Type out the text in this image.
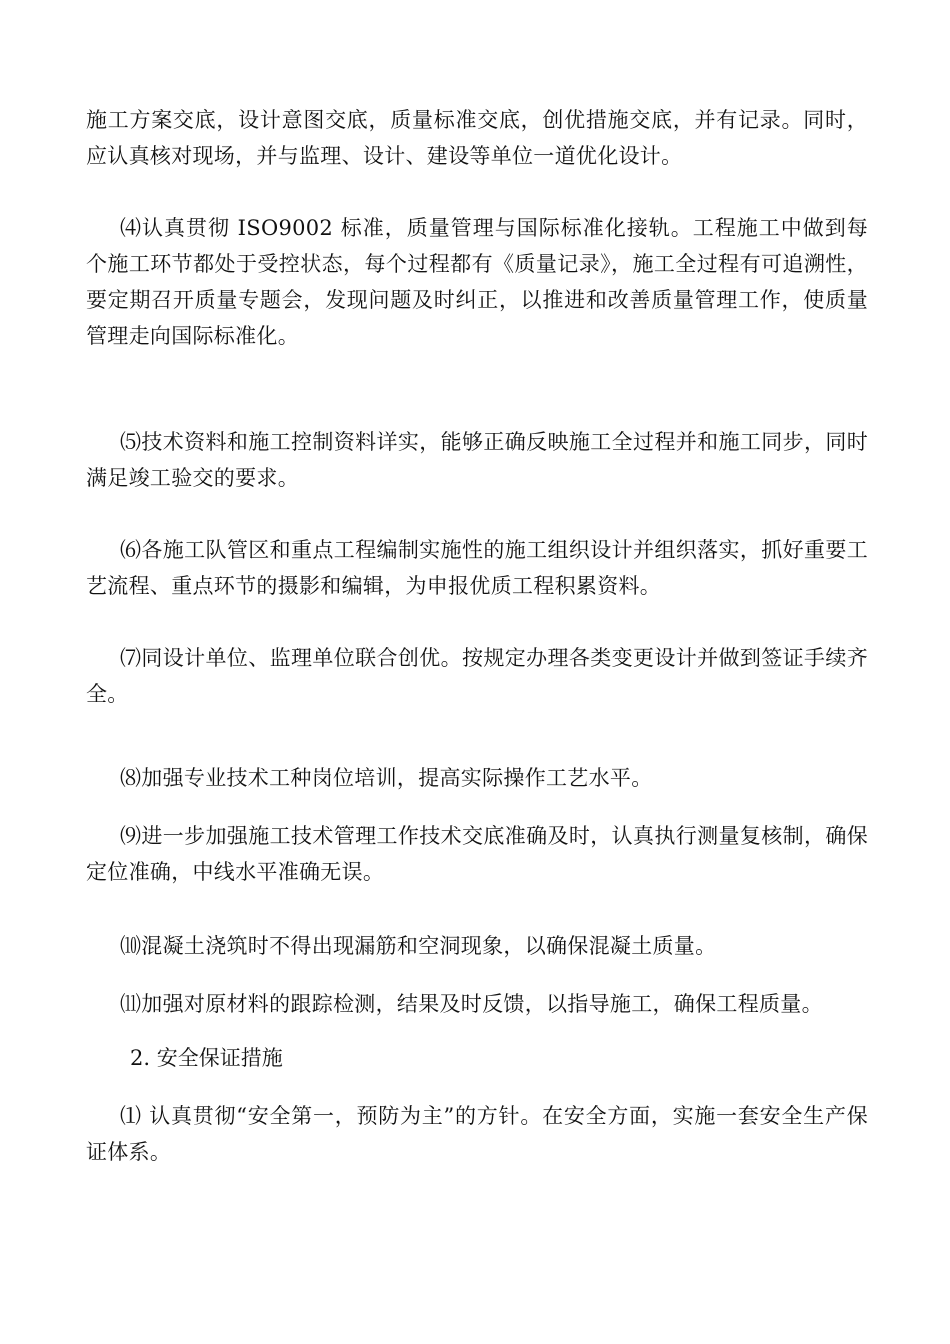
施工方案交底，设计意图交底，质量标准交底，创优措施交底，并有记录。同时，应认真核对现场，并与监理、设计、建设等单位一道优化设计。

⑷认真贯彻 ISO9002 标准，质量管理与国际标准化接轨。工程施工中做到每个施工环节都处于受控状态，每个过程都有《质量记录》，施工全过程有可追溯性，要定期召开质量专题会，发现问题及时纠正，以推进和改善质量管理工作，使质量管理走向国际标准化。

⑸技术资料和施工控制资料详实，能够正确反映施工全过程并和施工同步，同时满足竣工验交的要求。

⑹各施工队管区和重点工程编制实施性的施工组织设计并组织落实，抓好重要工艺流程、重点环节的摄影和编辑，为申报优质工程积累资料。

⑺同设计单位、监理单位联合创优。按规定办理各类变更设计并做到签证手续齐全。

⑻加强专业技术工种岗位培训，提高实际操作工艺水平。

⑼进一步加强施工技术管理工作技术交底准确及时，认真执行测量复核制，确保定位准确，中线水平准确无误。

⑽混凝土浇筑时不得出现漏筋和空洞现象，以确保混凝土质量。

⑾加强对原材料的跟踪检测，结果及时反馈，以指导施工，确保工程质量。

2. 安全保证措施

⑴ 认真贯彻“安全第一，预防为主”的方针。在安全方面，实施一套安全生产保证体系。
